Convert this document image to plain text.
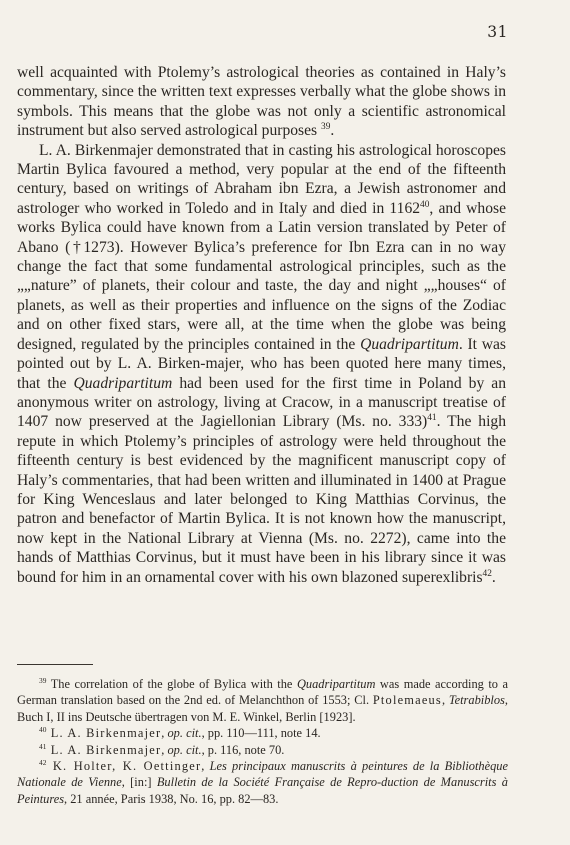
31

well acquainted with Ptolemy’s astrological theories as contained in Haly’s commentary, since the written text expresses verbally what the globe shows in symbols. This means that the globe was not only a scientific astronomical instrument but also served astrological purposes $^{39}$.

L. A. Birkenmajer demonstrated that in casting his astrological horoscopes Martin Bylica favoured a method, very popular at the end of the fifteenth century, based on writings of Abraham ibn Ezra, a Jewish astronomer and astrologer who worked in Toledo and in Italy and died in 1162$^{40}$, and whose works Bylica could have known from a Latin version translated by Peter of Abano (†1273). However Bylica’s preference for Ibn Ezra can in no way change the fact that some fundamental astrological principles, such as the „„nature” of planets, their colour and taste, the day and night „„houses“ of planets, as well as their properties and influence on the signs of the Zodiac and on other fixed stars, were all, at the time when the globe was being designed, regulated by the principles contained in the Quadripartitum. It was pointed out by L. A. Birken-majer, who has been quoted here many times, that the Quadripartitum had been used for the first time in Poland by an anonymous writer on astrology, living at Cracow, in a manuscript treatise of 1407 now preserved at the Jagiellonian Library (Ms. no. 333)$^{41}$. The high repute in which Ptolemy’s principles of astrology were held throughout the fifteenth century is best evidenced by the magnificent manuscript copy of Haly’s commentaries, that had been written and illuminated in 1400 at Prague for King Wenceslaus and later belonged to King Matthias Corvinus, the patron and benefactor of Martin Bylica. It is not known how the manuscript, now kept in the National Library at Vienna (Ms. no. 2272), came into the hands of Matthias Corvinus, but it must have been in his library since it was bound for him in an ornamental cover with his own blazoned superexlibris$^{42}$.

$^{39}$ The correlation of the globe of Bylica with the Quadripartitum was made according to a German translation based on the 2nd ed. of Melanchthon of 1553; Cl. Ptolemaeus, Tetrabiblos, Buch I, II ins Deutsche übertragen von M. E. Winkel, Berlin [1923].

$^{40}$ L. A. Birkenmajer, op. cit., pp. 110—111, note 14.

$^{41}$ L. A. Birkenmajer, op. cit., p. 116, note 70.

$^{42}$ K. Holter, K. Oettinger, Les principaux manuscrits à peintures de la Bibliothèque Nationale de Vienne, [in:] Bulletin de la Société Française de Repro-duction de Manuscrits à Peintures, 21 année, Paris 1938, No. 16, pp. 82—83.
